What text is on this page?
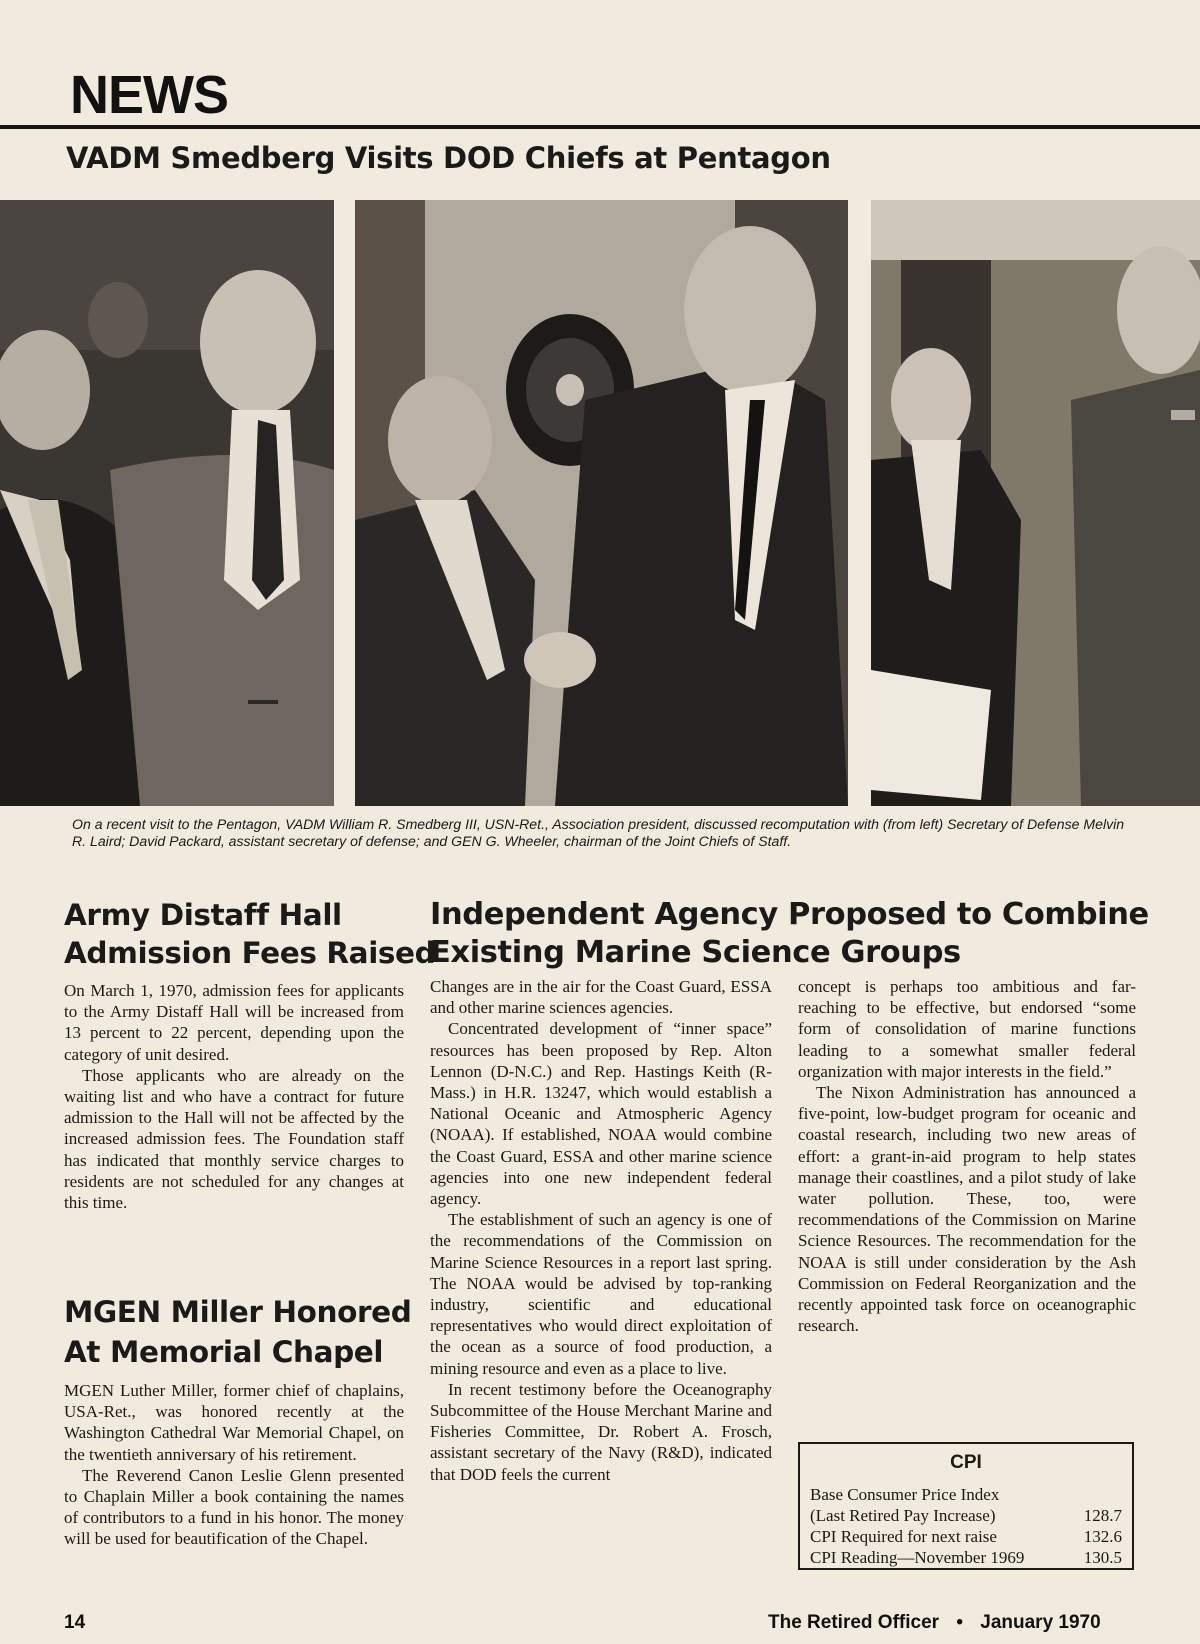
NEWS
VADM Smedberg Visits DOD Chiefs at Pentagon
On a recent visit to the Pentagon, VADM William R. Smedberg III, USN-Ret., Association president, discussed recomputation with (from left) Secretary of Defense Melvin R. Laird; David Packard, assistant secretary of defense; and GEN G. Wheeler, chairman of the Joint Chiefs of Staff.
Army Distaff Hall
Admission Fees Raised

On March 1, 1970, admission fees for applicants to the Army Distaff Hall will be increased from 13 percent to 22 percent, depending upon the category of unit desired.

Those applicants who are already on the waiting list and who have a contract for future admission to the Hall will not be affected by the increased admission fees. The Foundation staff has indicated that monthly service charges to residents are not scheduled for any changes at this time.

MGEN Miller Honored
At Memorial Chapel

MGEN Luther Miller, former chief of chaplains, USA-Ret., was honored recently at the Washington Cathedral War Memorial Chapel, on the twentieth anniversary of his retirement.

The Reverend Canon Leslie Glenn presented to Chaplain Miller a book containing the names of contributors to a fund in his honor. The money will be used for beautification of the Chapel.

Independent Agency Proposed to Combine
Existing Marine Science Groups

Changes are in the air for the Coast Guard, ESSA and other marine sciences agencies.

Concentrated development of “inner space” resources has been proposed by Rep. Alton Lennon (D-N.C.) and Rep. Hastings Keith (R-Mass.) in H.R. 13247, which would establish a National Oceanic and Atmospheric Agency (NOAA). If established, NOAA would combine the Coast Guard, ESSA and other marine science agencies into one new independent federal agency.

The establishment of such an agency is one of the recommendations of the Commission on Marine Science Resources in a report last spring. The NOAA would be advised by top-ranking industry, scientific and educational representatives who would direct exploitation of the ocean as a source of food production, a mining resource and even as a place to live.

In recent testimony before the Oceanography Subcommittee of the House Merchant Marine and Fisheries Committee, Dr. Robert A. Frosch, assistant secretary of the Navy (R&D), indicated that DOD feels the current

concept is perhaps too ambitious and far-reaching to be effective, but endorsed “some form of consolidation of marine functions leading to a somewhat smaller federal organization with major interests in the field.”

The Nixon Administration has announced a five-point, low-budget program for oceanic and coastal research, including two new areas of effort: a grant-in-aid program to help states manage their coastlines, and a pilot study of lake water pollution. These, too, were recommendations of the Commission on Marine Science Resources. The recommendation for the NOAA is still under consideration by the Ash Commission on Federal Reorganization and the recently appointed task force on oceanographic research.

CPI
Base Consumer Price Index
(Last Retired Pay Increase)	128.7
CPI Required for next raise	132.6
CPI Reading—November 1969	130.5
14	The Retired Officer • January 1970
